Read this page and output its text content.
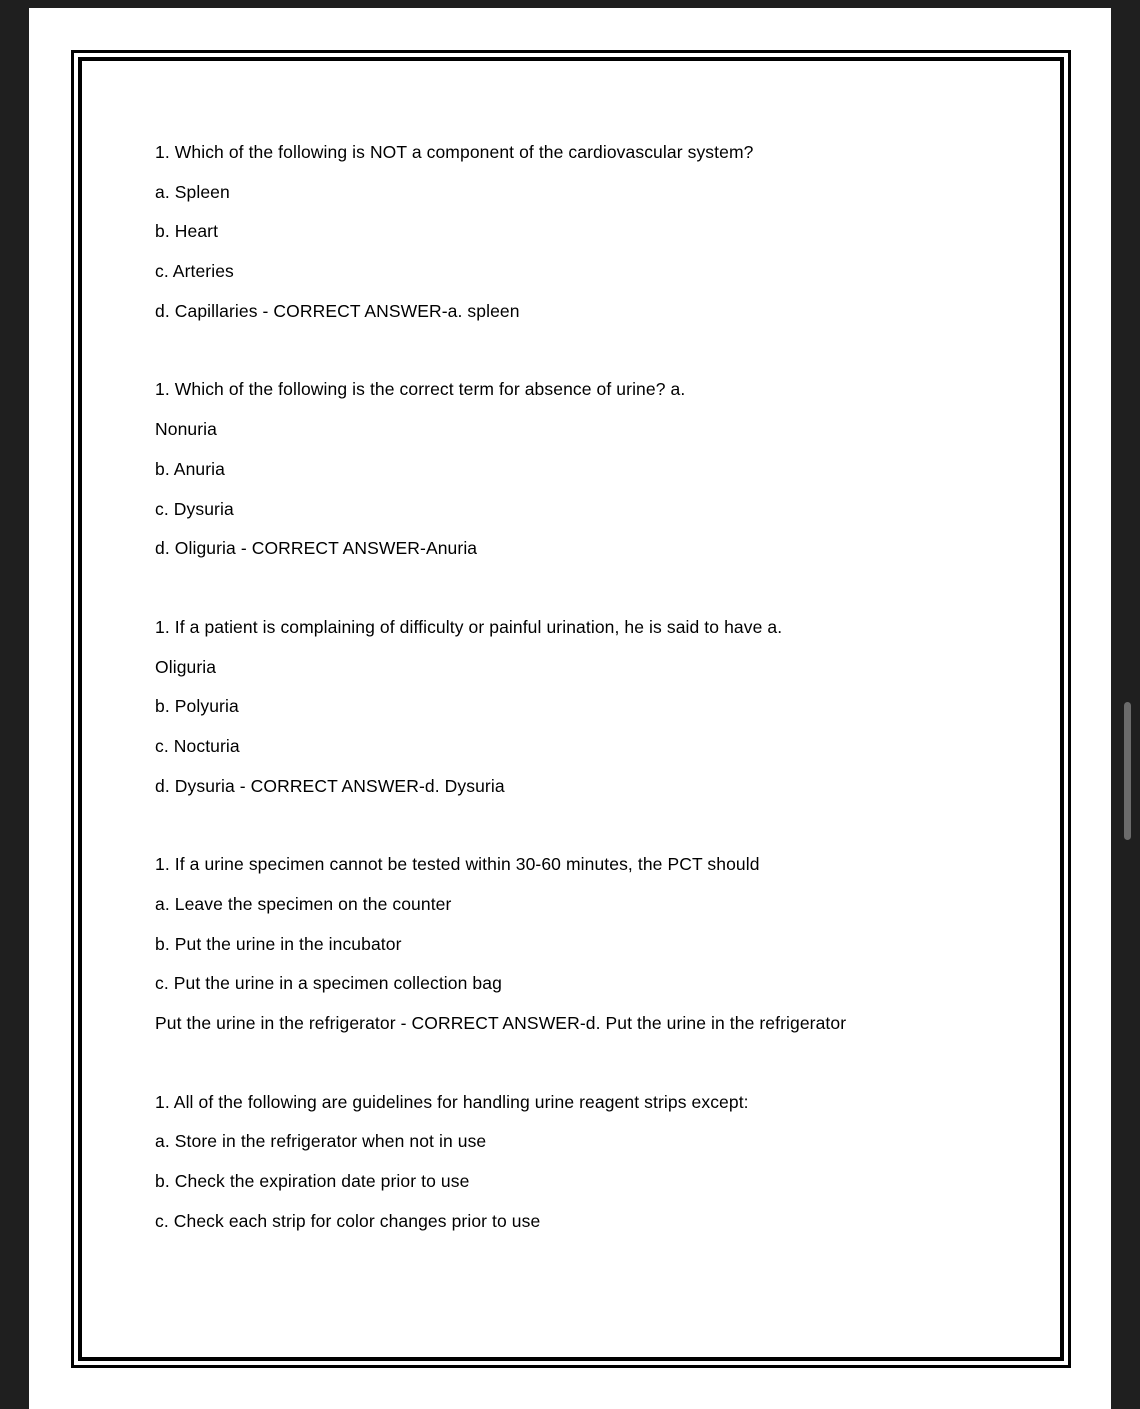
1. Which of the following is NOT a component of the cardiovascular system?
a. Spleen
b. Heart
c. Arteries
d. Capillaries - CORRECT ANSWER-a. spleen
1. Which of the following is the correct term for absence of urine? a.
Nonuria
b. Anuria
c. Dysuria
d. Oliguria - CORRECT ANSWER-Anuria
1. If a patient is complaining of difficulty or painful urination, he is said to have a.
Oliguria
b. Polyuria
c. Nocturia
d. Dysuria - CORRECT ANSWER-d. Dysuria
1. If a urine specimen cannot be tested within 30-60 minutes, the PCT should
a. Leave the specimen on the counter
b. Put the urine in the incubator
c. Put the urine in a specimen collection bag
Put the urine in the refrigerator - CORRECT ANSWER-d. Put the urine in the refrigerator
1. All of the following are guidelines for handling urine reagent strips except:
a. Store in the refrigerator when not in use
b. Check the expiration date prior to use
c. Check each strip for color changes prior to use
